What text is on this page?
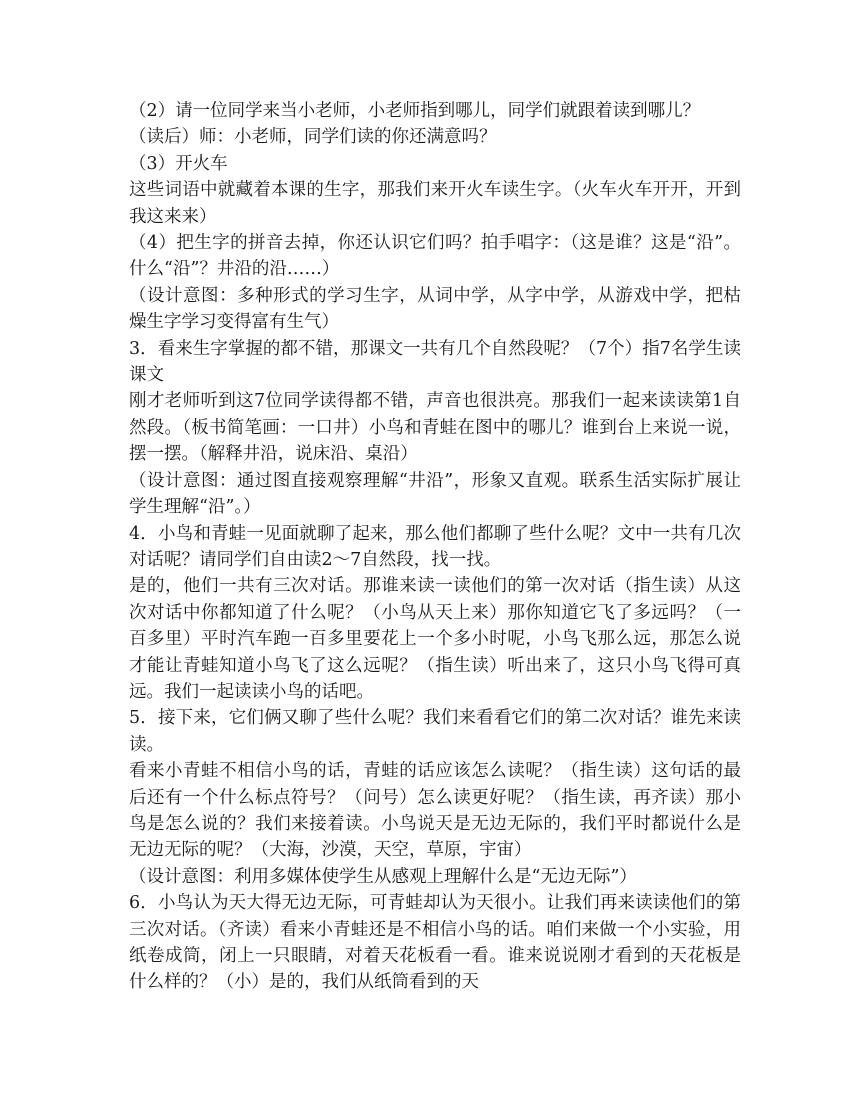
（2）请一位同学来当小老师，小老师指到哪儿，同学们就跟着读到哪儿？

（读后）师：小老师，同学们读的你还满意吗？

（3）开火车

这些词语中就藏着本课的生字，那我们来开火车读生字。（火车火车开开，开到我这来来）

（4）把生字的拼音去掉，你还认识它们吗？拍手唱字：（这是谁？这是“沿”。什么“沿”？井沿的沿……）

（设计意图：多种形式的学习生字，从词中学，从字中学，从游戏中学，把枯燥生字学习变得富有生气）

3．看来生字掌握的都不错，那课文一共有几个自然段呢？（7个）指7名学生读课文

刚才老师听到这7位同学读得都不错，声音也很洪亮。那我们一起来读读第1自然段。（板书简笔画：一口井）小鸟和青蛙在图中的哪儿？谁到台上来说一说，摆一摆。（解释井沿，说床沿、桌沿）

（设计意图：通过图直接观察理解“井沿”，形象又直观。联系生活实际扩展让学生理解“沿”。）

4．小鸟和青蛙一见面就聊了起来，那么他们都聊了些什么呢？文中一共有几次对话呢？请同学们自由读2～7自然段，找一找。

是的，他们一共有三次对话。那谁来读一读他们的第一次对话（指生读）从这次对话中你都知道了什么呢？（小鸟从天上来）那你知道它飞了多远吗？（一百多里）平时汽车跑一百多里要花上一个多小时呢，小鸟飞那么远，那怎么说才能让青蛙知道小鸟飞了这么远呢？（指生读）听出来了，这只小鸟飞得可真远。我们一起读读小鸟的话吧。

5．接下来，它们俩又聊了些什么呢？我们来看看它们的第二次对话？谁先来读读。

看来小青蛙不相信小鸟的话，青蛙的话应该怎么读呢？（指生读）这句话的最后还有一个什么标点符号？（问号）怎么读更好呢？（指生读，再齐读）那小鸟是怎么说的？我们来接着读。小鸟说天是无边无际的，我们平时都说什么是无边无际的呢？（大海，沙漠，天空，草原，宇宙）

（设计意图：利用多媒体使学生从感观上理解什么是“无边无际”）

6．小鸟认为天大得无边无际，可青蛙却认为天很小。让我们再来读读他们的第三次对话。（齐读）看来小青蛙还是不相信小鸟的话。咱们来做一个小实验，用纸卷成筒，闭上一只眼睛，对着天花板看一看。谁来说说刚才看到的天花板是什么样的？（小）是的，我们从纸筒看到的天
